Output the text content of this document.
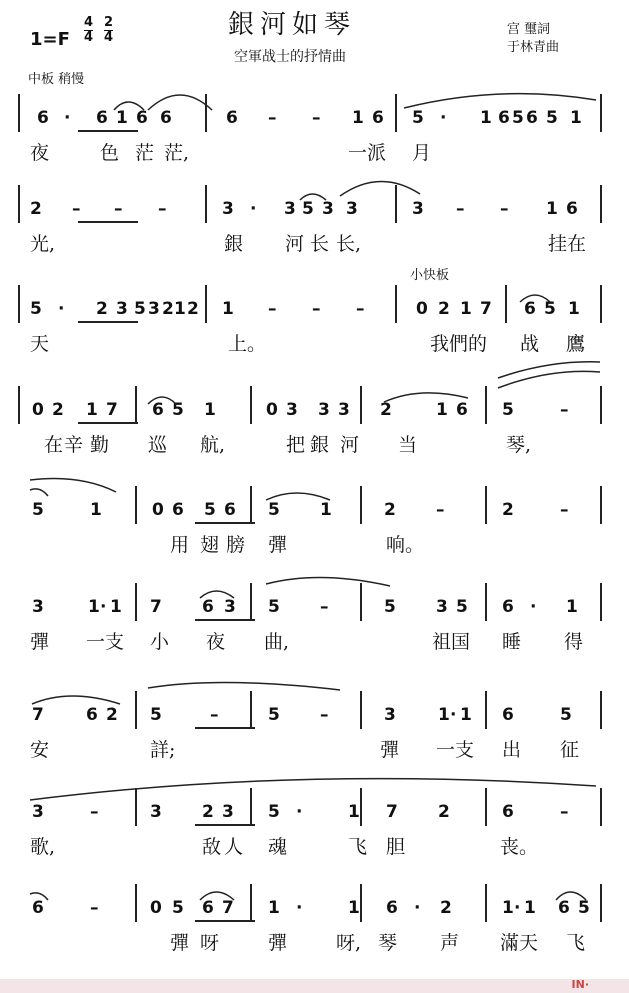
1=F
4
4
2
4	銀河如琴
空軍战士的抒情曲
宫 璽詞
于林青曲
中板 稍慢
小快板
6 · 6 1 6 6	6 – – 1 6 5 · 1 6 5 6 5 1
夜	色 茫 茫,	一派 月
2 – – –	3 · 3 5 3 3	3 – – 1 6
光,	銀 河 长 长,	挂在
5 · 2 3 5 3 2 1 2 1 – – –	0 2 1 7 6 5 1
天	上。	我們的 战 鷹
0 2 1 7 6 5 1	0 3 3 3 2	1 6 5	–
在 辛 勤 巡 航,	把 銀 河 当	琴,
5	1	0 6 5 6 5 1	2 –	2	–
用 翅 膀 彈	响。
3	1 · 1 7 6 3 5 –	5 3 5 6 · 1
彈 一支 小 夜 曲,	祖国 睡 得
7 6 2 5	–	5 –	3 1 · 1 6	5
安	詳;	彈 一支 出 征
3	–	3 2 3 5 ·	1 7 2	6	–
歌,	敌 人 魂	飞 胆	丧。
6	–	0 5 6 7 1 ·	1 6 · 2	1 · 1 6 5
彈 呀	彈	呀, 琴 声 滿天 飞
IN·
